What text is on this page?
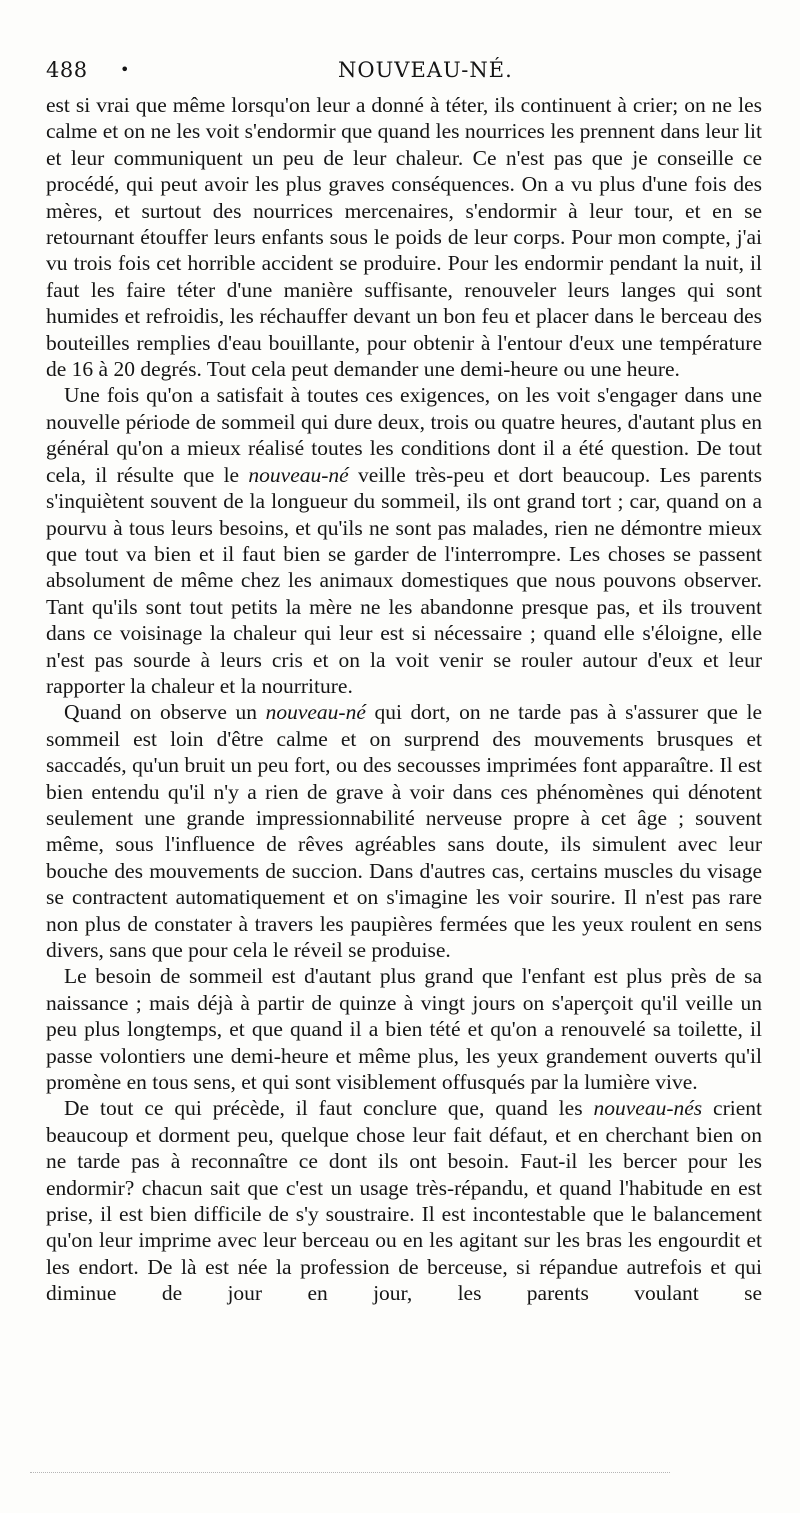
488 •	NOUVEAU-NÉ.

est si vrai que même lorsqu'on leur a donné à téter, ils continuent à crier; on ne les calme et on ne les voit s'endormir que quand les nourrices les prennent dans leur lit et leur communiquent un peu de leur chaleur. Ce n'est pas que je conseille ce procédé, qui peut avoir les plus graves conséquences. On a vu plus d'une fois des mères, et surtout des nourrices mercenaires, s'endormir à leur tour, et en se retournant étouffer leurs enfants sous le poids de leur corps. Pour mon compte, j'ai vu trois fois cet horrible accident se produire. Pour les endormir pendant la nuit, il faut les faire téter d'une manière suffisante, renouveler leurs langes qui sont humides et refroidis, les réchauffer devant un bon feu et placer dans le berceau des bouteilles remplies d'eau bouillante, pour obtenir à l'entour d'eux une température de 16 à 20 degrés. Tout cela peut demander une demi-heure ou une heure.

Une fois qu'on a satisfait à toutes ces exigences, on les voit s'engager dans une nouvelle période de sommeil qui dure deux, trois ou quatre heures, d'autant plus en général qu'on a mieux réalisé toutes les conditions dont il a été question. De tout cela, il résulte que le nouveau-né veille très-peu et dort beaucoup. Les parents s'inquiètent souvent de la longueur du sommeil, ils ont grand tort ; car, quand on a pourvu à tous leurs besoins, et qu'ils ne sont pas malades, rien ne démontre mieux que tout va bien et il faut bien se garder de l'interrompre. Les choses se passent absolument de même chez les animaux domestiques que nous pouvons observer. Tant qu'ils sont tout petits la mère ne les abandonne presque pas, et ils trouvent dans ce voisinage la chaleur qui leur est si nécessaire ; quand elle s'éloigne, elle n'est pas sourde à leurs cris et on la voit venir se rouler autour d'eux et leur rapporter la chaleur et la nourriture.

Quand on observe un nouveau-né qui dort, on ne tarde pas à s'assurer que le sommeil est loin d'être calme et on surprend des mouvements brusques et saccadés, qu'un bruit un peu fort, ou des secousses imprimées font apparaître. Il est bien entendu qu'il n'y a rien de grave à voir dans ces phénomènes qui dénotent seulement une grande impressionnabilité nerveuse propre à cet âge ; souvent même, sous l'influence de rêves agréables sans doute, ils simulent avec leur bouche des mouvements de succion. Dans d'autres cas, certains muscles du visage se contractent automatiquement et on s'imagine les voir sourire. Il n'est pas rare non plus de constater à travers les paupières fermées que les yeux roulent en sens divers, sans que pour cela le réveil se produise.

Le besoin de sommeil est d'autant plus grand que l'enfant est plus près de sa naissance ; mais déjà à partir de quinze à vingt jours on s'aperçoit qu'il veille un peu plus longtemps, et que quand il a bien tété et qu'on a renouvelé sa toilette, il passe volontiers une demi-heure et même plus, les yeux grandement ouverts qu'il promène en tous sens, et qui sont visiblement offusqués par la lumière vive.

De tout ce qui précède, il faut conclure que, quand les nouveau-nés crient beaucoup et dorment peu, quelque chose leur fait défaut, et en cherchant bien on ne tarde pas à reconnaître ce dont ils ont besoin. Faut-il les bercer pour les endormir? chacun sait que c'est un usage très-répandu, et quand l'habitude en est prise, il est bien difficile de s'y soustraire. Il est incontestable que le balancement qu'on leur imprime avec leur berceau ou en les agitant sur les bras les engourdit et les endort. De là est née la profession de berceuse, si répandue autrefois et qui diminue de jour en jour, les parents voulant se
